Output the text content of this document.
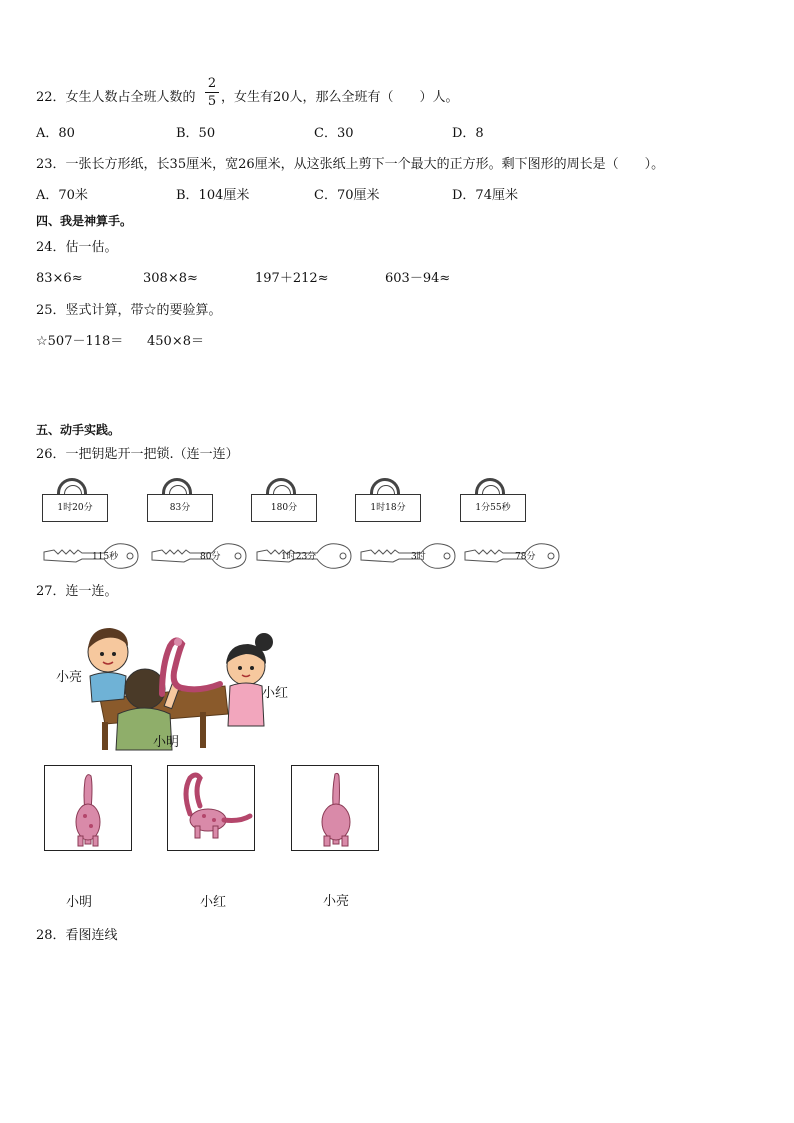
22．女生人数占全班人数的
2
5 ，女生有20人，那么全班有（　　）人。
A．80	B．50	C．30	D．8
23．一张长方形纸，长35厘米，宽26厘米，从这张纸上剪下一个最大的正方形。剩下图形的周长是（　　）。
A．70米	B．104厘米	C．70厘米	D．74厘米
四、我是神算手。
24．估一估。
83×6≈	308×8≈	197＋212≈	603－94≈
25．竖式计算，带☆的要验算。
☆507－118＝ 450×8＝
五、动手实践。
26．一把钥匙开一把锁.（连一连）
1时20分	83分	180分	1时18分	1分55秒
115秒	80分	1时23分	3时	78分
27．连一连。
小亮
小红
小明
小明	小红	小亮
28．看图连线
